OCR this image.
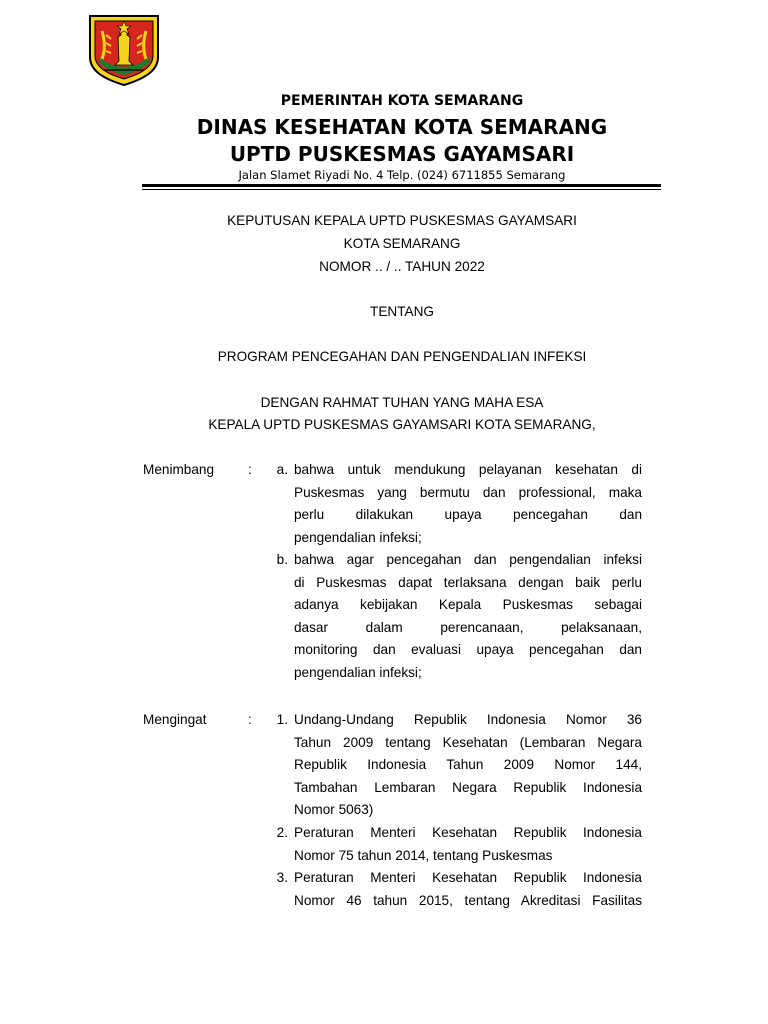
PEMERINTAH KOTA SEMARANG
DINAS KESEHATAN KOTA SEMARANG
UPTD PUSKESMAS GAYAMSARI
Jalan Slamet Riyadi No. 4 Telp. (024) 6711855 Semarang
KEPUTUSAN KEPALA UPTD PUSKESMAS GAYAMSARI
KOTA SEMARANG
NOMOR .. / .. TAHUN 2022
TENTANG
PROGRAM PENCEGAHAN DAN PENGENDALIAN INFEKSI
DENGAN RAHMAT TUHAN YANG MAHA ESA
KEPALA UPTD PUSKESMAS GAYAMSARI KOTA SEMARANG,
Menimbang :	a. bahwa untuk mendukung pelayanan kesehatan di
Puskesmas yang bermutu dan professional, maka
perlu dilakukan upaya pencegahan dan
pengendalian infeksi;
b. bahwa agar pencegahan dan pengendalian infeksi
di Puskesmas dapat terlaksana dengan baik perlu
adanya kebijakan Kepala Puskesmas sebagai
dasar dalam perencanaan, pelaksanaan,
monitoring dan evaluasi upaya pencegahan dan
pengendalian infeksi;
Mengingat	:	1. Undang-Undang Republik Indonesia Nomor 36
Tahun 2009 tentang Kesehatan (Lembaran Negara
Republik Indonesia Tahun 2009 Nomor 144,
Tambahan Lembaran Negara Republik Indonesia
Nomor 5063)
2. Peraturan Menteri Kesehatan Republik Indonesia
Nomor 75 tahun 2014, tentang Puskesmas
3. Peraturan Menteri Kesehatan Republik Indonesia
Nomor 46 tahun 2015, tentang Akreditasi Fasilitas
